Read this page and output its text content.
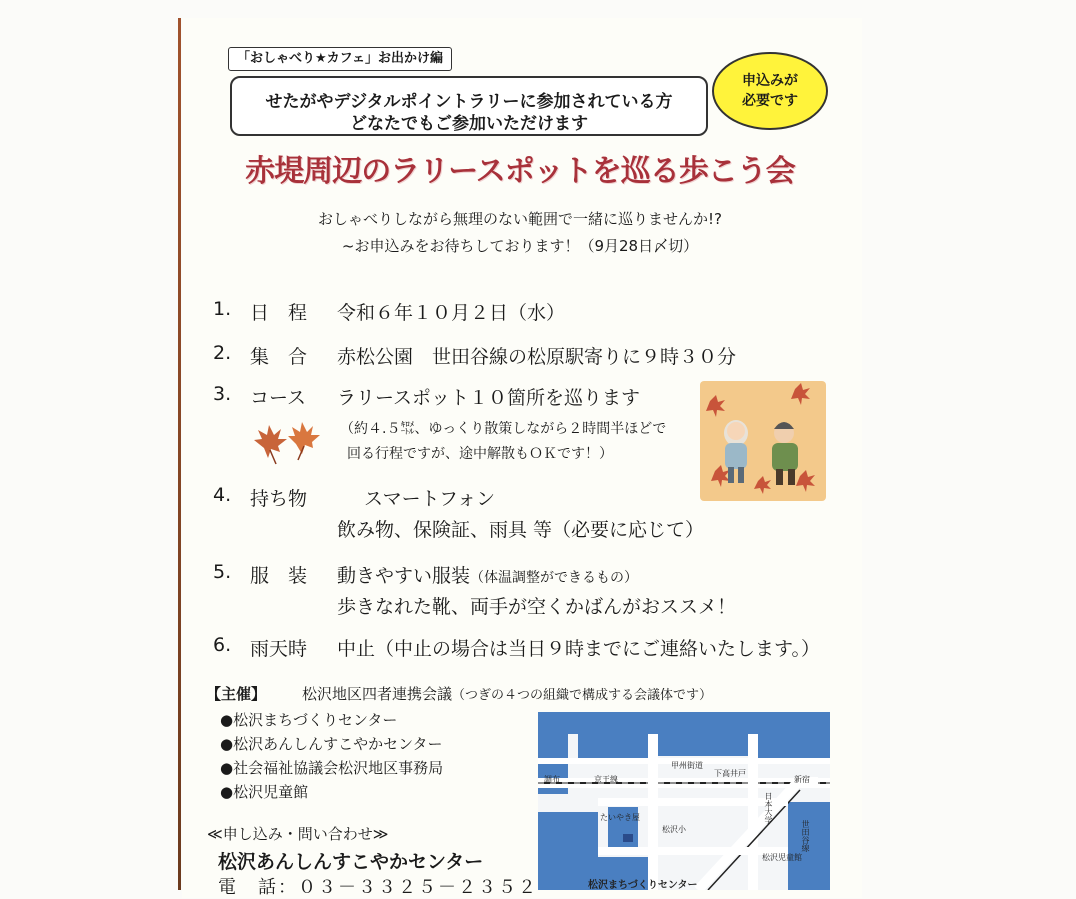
「おしゃべり★カフェ」お出かけ編
せたがやデジタルポイントラリーに参加されている方
どなたでもご参加いただけます
申込みが
必要です
赤堤周辺のラリースポットを巡る歩こう会
おしゃべりしながら無理のない範囲で一緒に巡りませんか!?
~お申込みをお待ちしております！（9月28日〆切）
1. 日　程 令和６年１０月２日（水）
2. 集　合 赤松公園　世田谷線の松原駅寄りに９時３０分
3. コース ラリースポット１０箇所を巡ります
（約４.５㌖、ゆっくり散策しながら２時間半ほどで
回る行程ですが、途中解散もＯＫです！）
4. 持ち物	スマートフォン
飲み物、保険証、雨具 等（必要に応じて）
5. 服　装 動きやすい服装（体温調整ができるもの）
歩きなれた靴、両手が空くかばんがおススメ！
6. 雨天時 中止（中止の場合は当日９時までにご連絡いたします。）
【主催】 松沢地区四者連携会議（つぎの４つの組織で構成する会議体です）
●松沢まちづくりセンター
●松沢あんしんすこやかセンター
●社会福祉協議会松沢地区事務局
●松沢児童館
≪申し込み・問い合わせ≫
松沢あんしんすこやかセンター
電　話：０３－３３２５－２３５２
甲州街道
調布	京王線
下高井戸
新宿
たいやき屋
松沢小
松沢児童館
松沢まちづくりセンター
世田谷線
日本大学
